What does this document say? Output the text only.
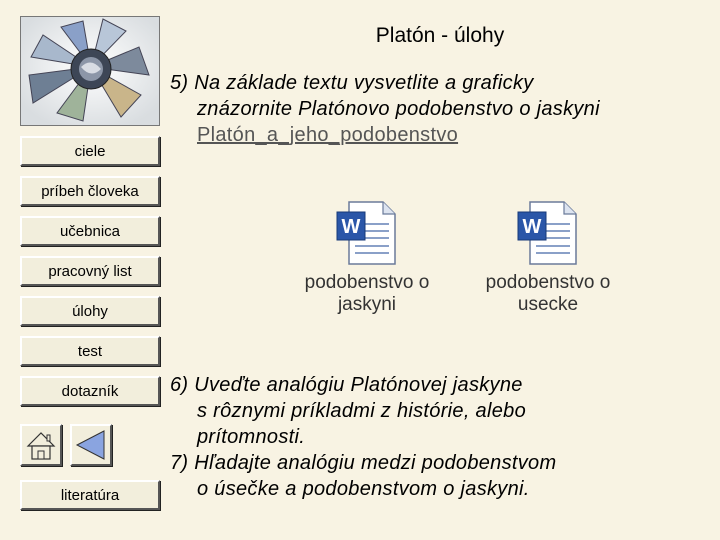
ciele
príbeh človeka
učebnica
pracovný list
úlohy
test
dotazník
literatúra
Platón - úlohy
5) Na základe textu vysvetlite a graficky
znázornite Platónovo podobenstvo o jaskyni
Platón_a_jeho_podobenstvo
W
podobenstvo o
jaskyni
W
podobenstvo o
usecke
6) Uveďte analógiu Platónovej jaskyne
s rôznymi príkladmi z histórie, alebo
prítomnosti.
7) Hľadajte analógiu medzi podobenstvom
o úsečke a podobenstvom o jaskyni.
